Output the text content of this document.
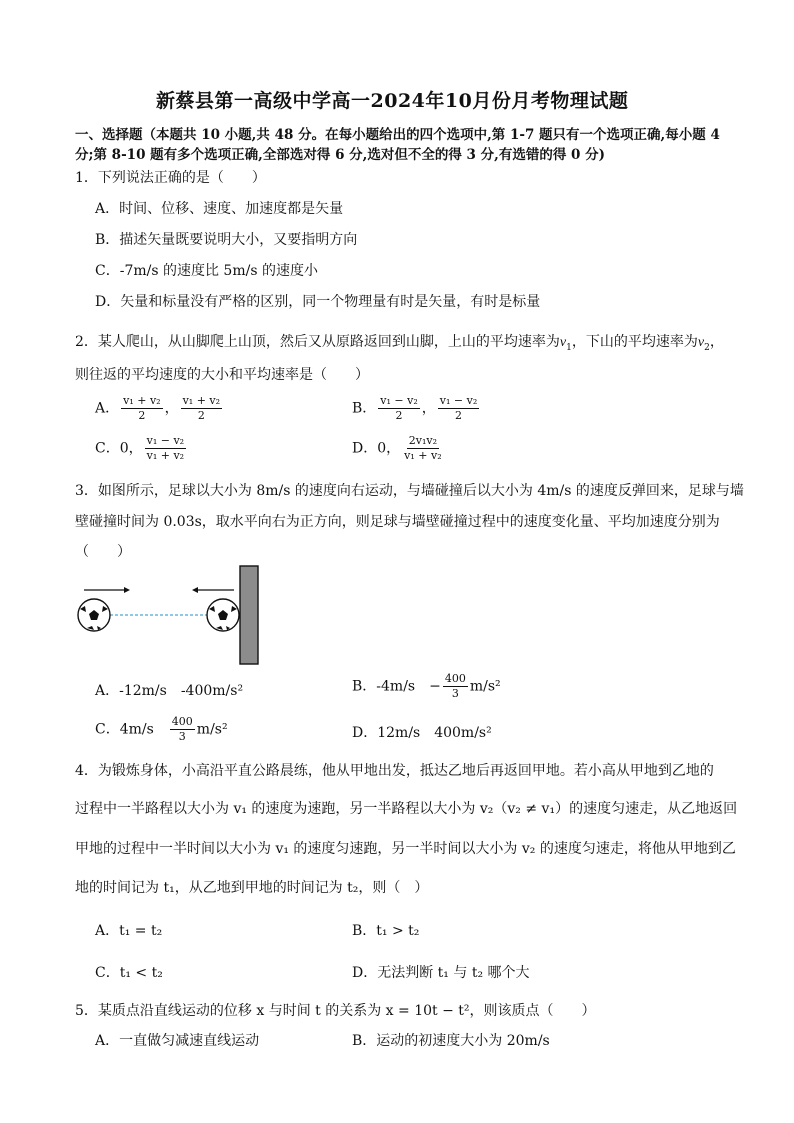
新蔡县第一高级中学高一2024年10月份月考物理试题
一、选择题（本题共 10 小题,共 48 分。在每小题给出的四个选项中,第 1-7 题只有一个选项正确,每小题 4
分;第 8-10 题有多个选项正确,全部选对得 6 分,选对但不全的得 3 分,有选错的得 0 分)
1．下列说法正确的是（　　）
A．时间、位移、速度、加速度都是矢量
B．描述矢量既要说明大小，又要指明方向
C．-7m/s 的速度比 5m/s 的速度小
D．矢量和标量没有严格的区别，同一个物理量有时是矢量，有时是标量
2．某人爬山，从山脚爬上山顶，然后又从原路返回到山脚，上山的平均速率为$v_1$，下山的平均速率为$v_2$，
则往返的平均速度的大小和平均速率是（　　）
A． $\frac{\text{v₁ + v₂}}{2}$ ， $\frac{\text{v₁ + v₂}}{2}$	B． $\frac{\text{v₁ − v₂}}{2}$ ， $\frac{\text{v₁ − v₂}}{2}$
C．0， $\frac{\text{v₁ − v₂}}{\text{v₁ + v₂}}$	D．0， $\frac{\text{2v₁v₂}}{\text{v₁ + v₂}}$
3．如图所示，足球以大小为 8m/s 的速度向右运动，与墙碰撞后以大小为 4m/s 的速度反弹回来，足球与墙
壁碰撞时间为 0.03s，取水平向右为正方向，则足球与墙壁碰撞过程中的速度变化量、平均加速度分别为
（　　）
A．-12m/s　-400m/s²	B．-4m/s　− $\frac{400}{3} m/s^2$
C．4m/s　 $\frac{400}{3} m/s^2$	D．12m/s　400m/s²
4．为锻炼身体，小高沿平直公路晨练，他从甲地出发，抵达乙地后再返回甲地。若小高从甲地到乙地的
过程中一半路程以大小为 v₁ 的速度为速跑，另一半路程以大小为 v₂（v₂ ≠ v₁）的速度匀速走，从乙地返回
甲地的过程中一半时间以大小为 v₁ 的速度匀速跑，另一半时间以大小为 v₂ 的速度匀速走，将他从甲地到乙
地的时间记为 t₁，从乙地到甲地的时间记为 t₂，则（　）
A．t₁ = t₂	B．t₁ > t₂
C．t₁ < t₂	D．无法判断 t₁ 与 t₂ 哪个大
5．某质点沿直线运动的位移 x 与时间 t 的关系为 x = 10t − t²，则该质点（　　）
A．一直做匀减速直线运动	B．运动的初速度大小为 20m/s
